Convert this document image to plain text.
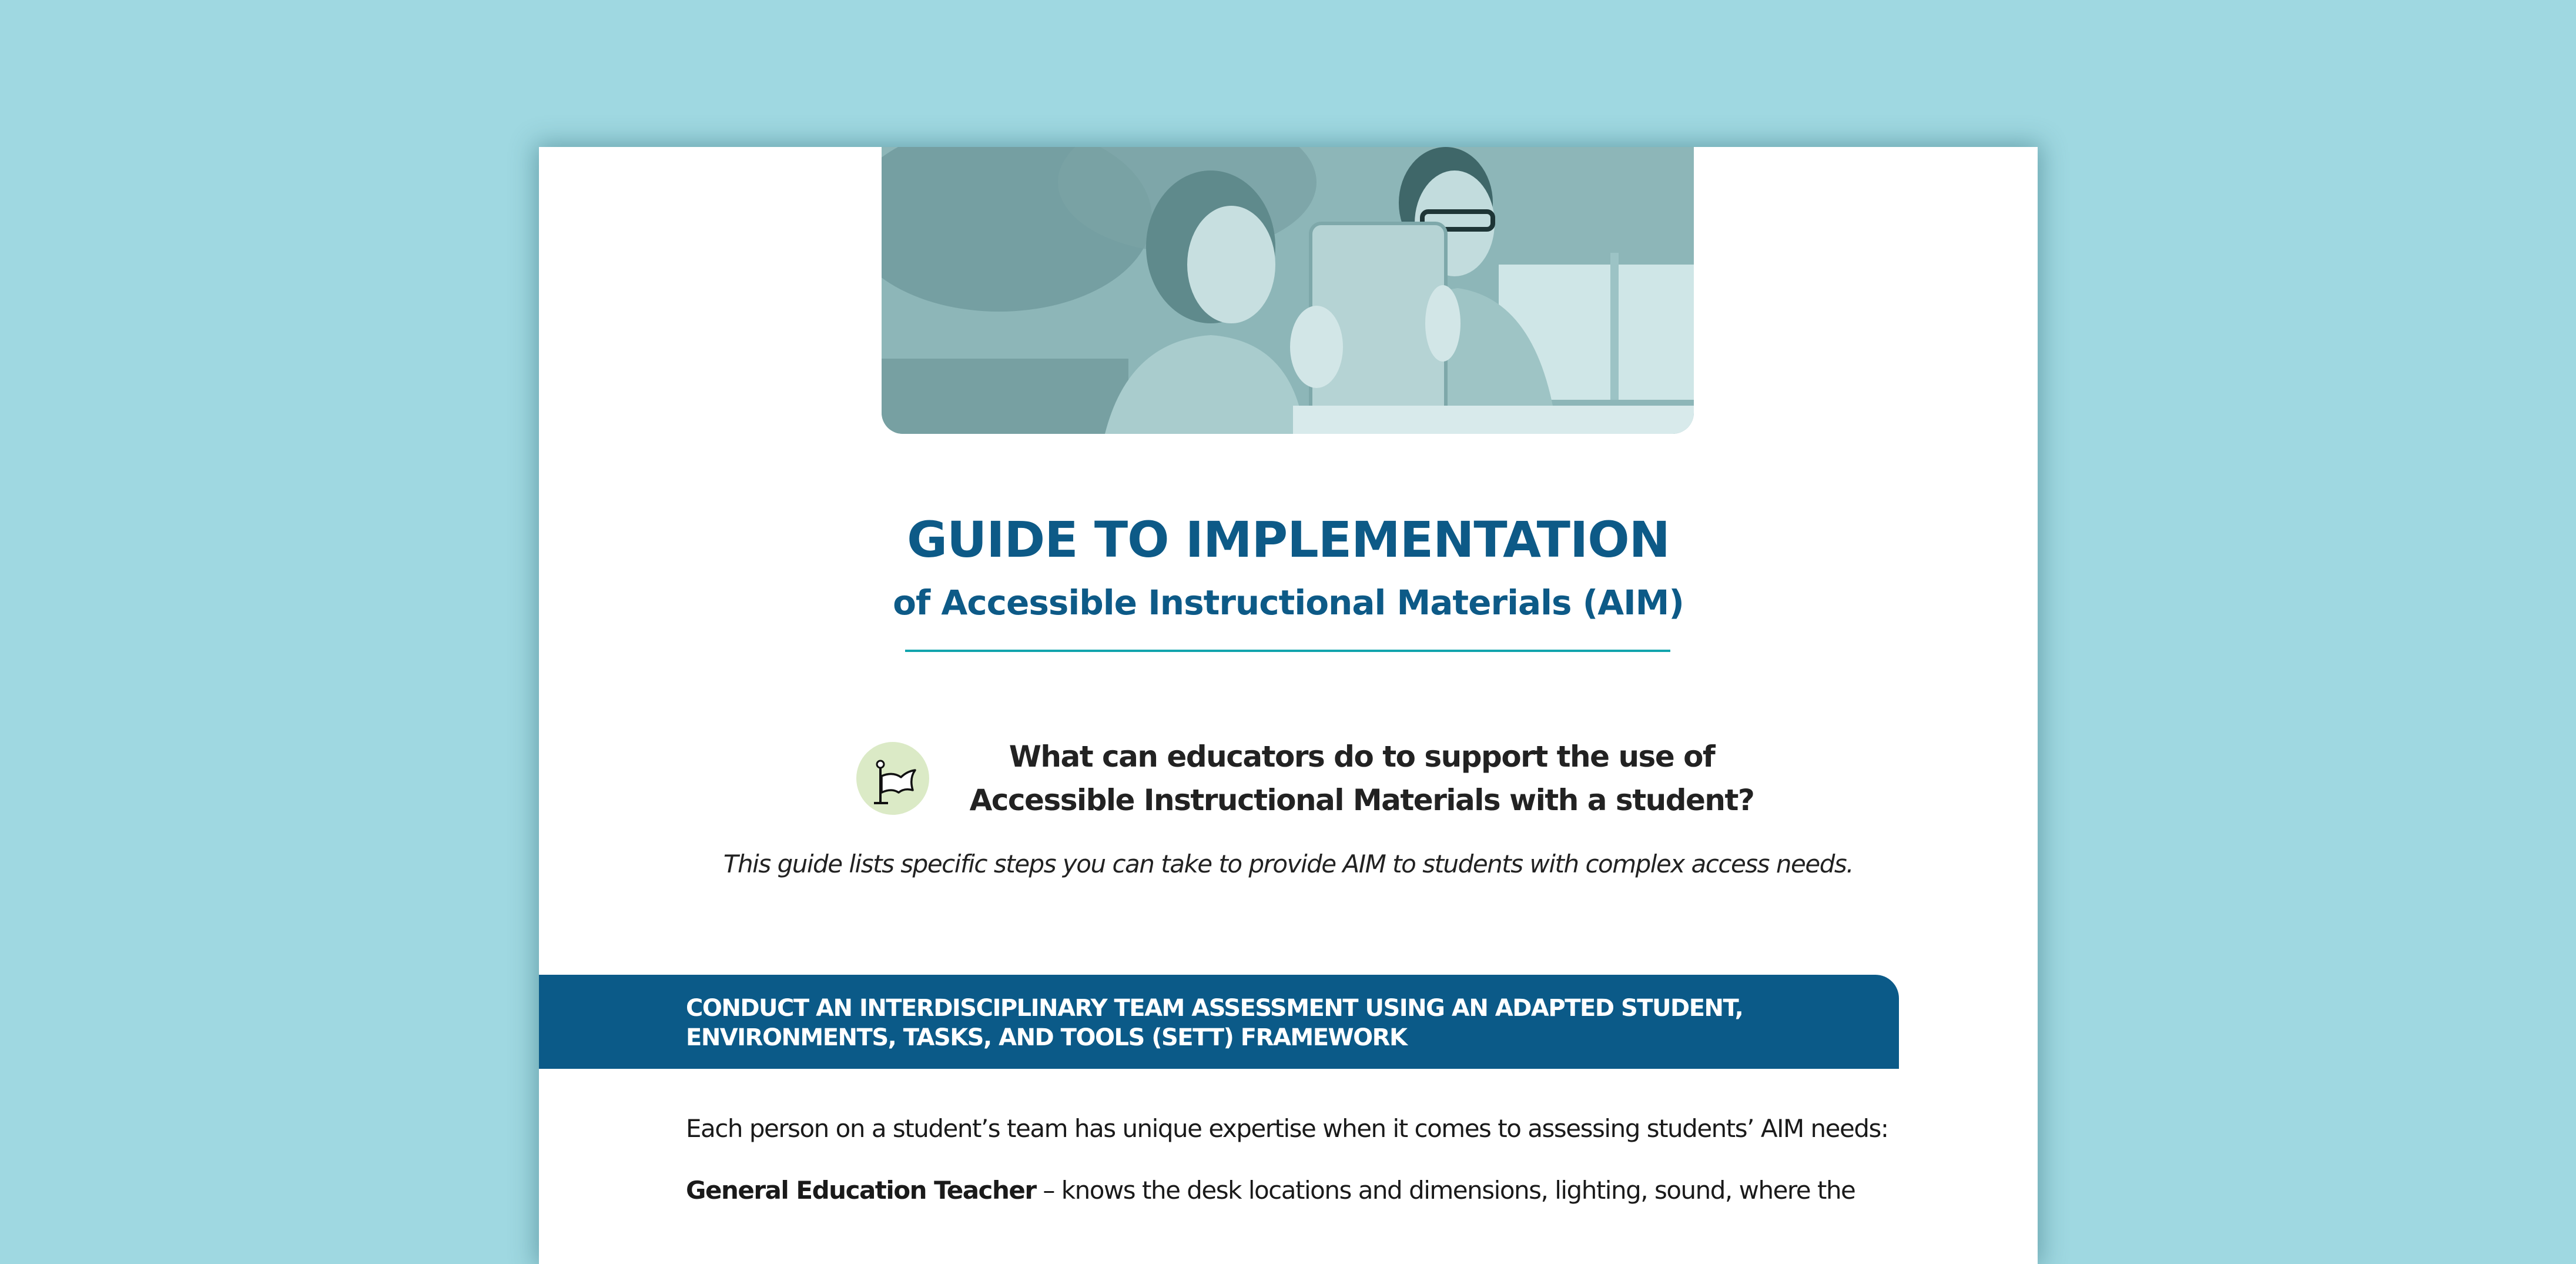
GUIDE TO IMPLEMENTATION
of Accessible Instructional Materials (AIM)
What can educators do to support the use of
Accessible Instructional Materials with a student?
This guide lists specific steps you can take to provide AIM to students with complex access needs.
CONDUCT AN INTERDISCIPLINARY TEAM ASSESSMENT USING AN ADAPTED STUDENT,
ENVIRONMENTS, TASKS, AND TOOLS (SETT) FRAMEWORK
Each person on a student’s team has unique expertise when it comes to assessing students’ AIM needs:
General Education Teacher – knows the desk locations and dimensions, lighting, sound, where the
